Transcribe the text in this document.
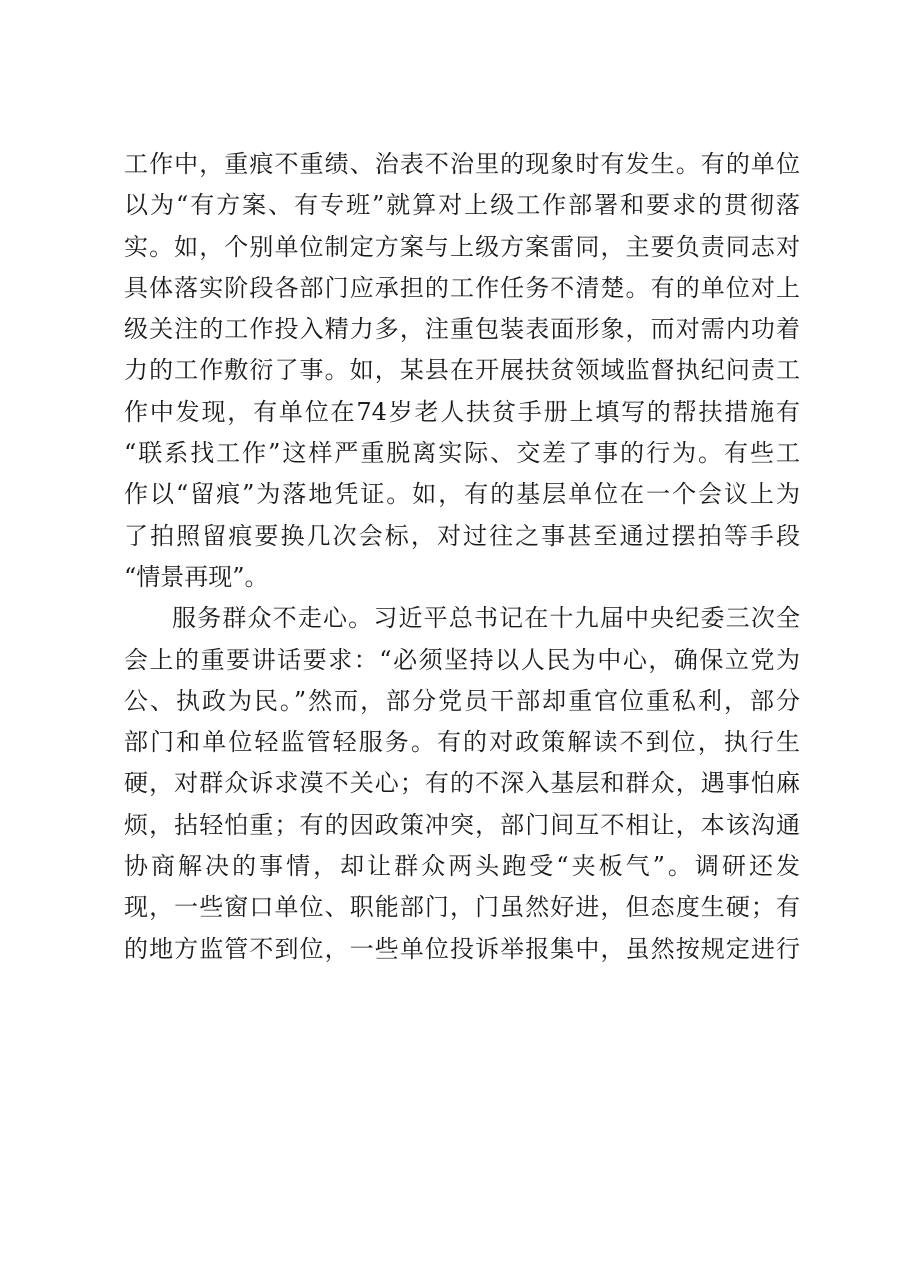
工作中，重痕不重绩、治表不治里的现象时有发生。有的单位

以为“有方案、有专班”就算对上级工作部署和要求的贯彻落

实。如，个别单位制定方案与上级方案雷同，主要负责同志对

具体落实阶段各部门应承担的工作任务不清楚。有的单位对上

级关注的工作投入精力多，注重包装表面形象，而对需内功着

力的工作敷衍了事。如，某县在开展扶贫领域监督执纪问责工

作中发现，有单位在74岁老人扶贫手册上填写的帮扶措施有

“联系找工作”这样严重脱离实际、交差了事的行为。有些工

作以“留痕”为落地凭证。如，有的基层单位在一个会议上为

了拍照留痕要换几次会标，对过往之事甚至通过摆拍等手段

“情景再现”。

服务群众不走心。习近平总书记在十九届中央纪委三次全

会上的重要讲话要求：“必须坚持以人民为中心，确保立党为

公、执政为民。”然而，部分党员干部却重官位重私利，部分

部门和单位轻监管轻服务。有的对政策解读不到位，执行生

硬，对群众诉求漠不关心；有的不深入基层和群众，遇事怕麻

烦，拈轻怕重；有的因政策冲突，部门间互不相让，本该沟通

协商解决的事情，却让群众两头跑受“夹板气”。调研还发

现，一些窗口单位、职能部门，门虽然好进，但态度生硬；有

的地方监管不到位，一些单位投诉举报集中，虽然按规定进行
